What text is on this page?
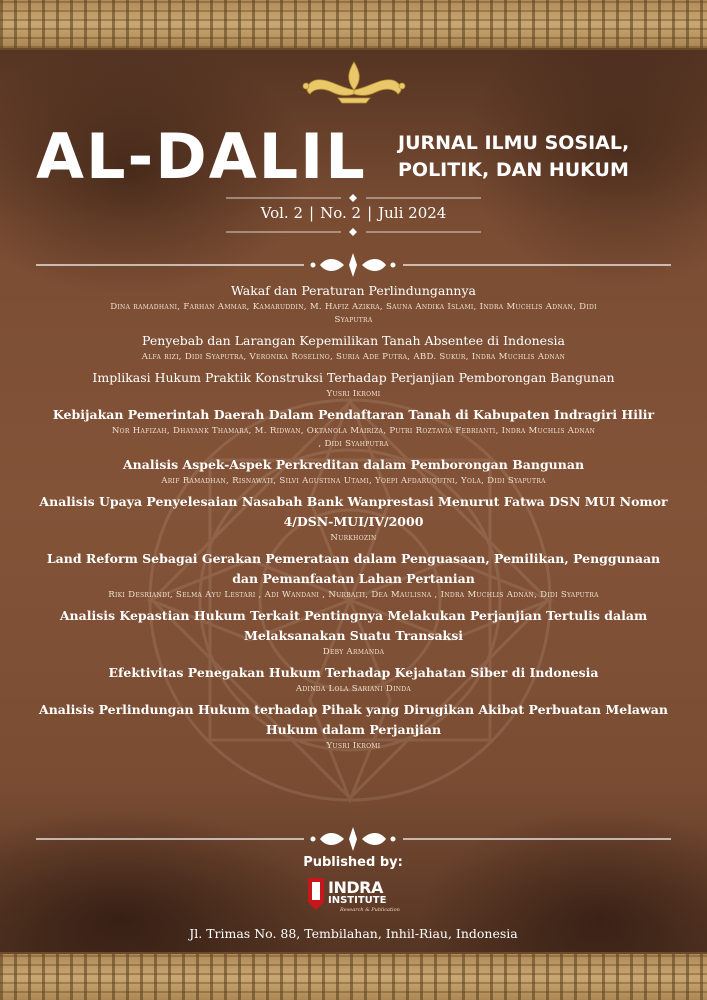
AL-DALIL JURNAL ILMU SOSIAL,
POLITIK, DAN HUKUM
Vol. 2 | No. 2 | Juli 2024
Wakaf dan Peraturan Perlindungannya
Dina ramadhani, Farhan Ammar, Kamaruddin, M. Hafiz Azikra, Sauna Andika Islami, Indra Muchlis Adnan, Didi
Syaputra
Penyebab dan Larangan Kepemilikan Tanah Absentee di Indonesia
Alfa rizi, Didi Syaputra, Veronika Roselino, Suria Ade Putra, ABD. Sukur, Indra Muchlis Adnan
Implikasi Hukum Praktik Konstruksi Terhadap Perjanjian Pemborongan Bangunan
Yusri Ikromi
Kebijakan Pemerintah Daerah Dalam Pendaftaran Tanah di Kabupaten Indragiri Hilir
Nor Hafizah, Dhayank Thamara, M. Ridwan, Oktanola Mairiza, Putri Roztavia Febrianti, Indra Muchlis Adnan
, Didi Syahputra
Analisis Aspek-Aspek Perkreditan dalam Pemborongan Bangunan
Arif Ramadhan, Risnawati, Silvi Agustina Utami, Yoepi Afdaruqutni, Yola, Didi Syaputra
Analisis Upaya Penyelesaian Nasabah Bank Wanprestasi Menurut Fatwa DSN MUI Nomor 4/DSN-MUI/IV/2000
Nurkhozin
Land Reform Sebagai Gerakan Pemerataan dalam Penguasaan, Pemilikan, Penggunaan dan Pemanfaatan Lahan Pertanian
Riki Desriandi, Selma Ayu Lestari , Adi Wandani , Nurbaiti, Dea Maulisna , Indra Muchlis Adnan, Didi Syaputra
Analisis Kepastian Hukum Terkait Pentingnya Melakukan Perjanjian Tertulis dalam Melaksanakan Suatu Transaksi
Deby Armanda
Efektivitas Penegakan Hukum Terhadap Kejahatan Siber di Indonesia
Adinda Lola Sariani Dinda
Analisis Perlindungan Hukum terhadap Pihak yang Dirugikan Akibat Perbuatan Melawan Hukum dalam Perjanjian
Yusri Ikromi
Published by:
INDRA
INSTITUTE
Research & Publication
Jl. Trimas No. 88, Tembilahan, Inhil-Riau, Indonesia
